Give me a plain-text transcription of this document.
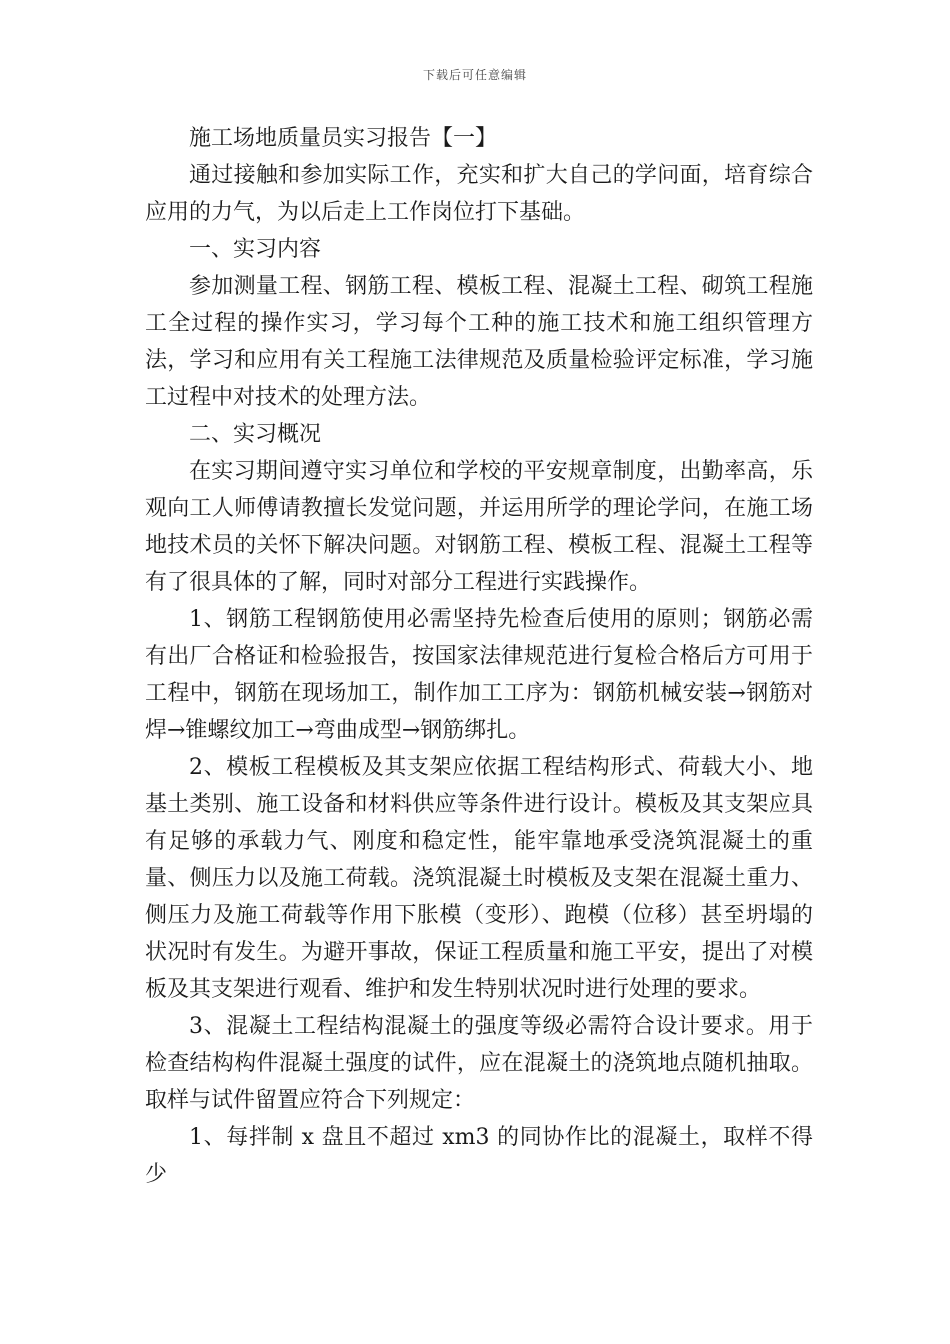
下载后可任意编辑

施工场地质量员实习报告【一】

通过接触和参加实际工作，充实和扩大自己的学问面，培育综合应用的力气，为以后走上工作岗位打下基础。

一、实习内容

参加测量工程、钢筋工程、模板工程、混凝土工程、砌筑工程施工全过程的操作实习，学习每个工种的施工技术和施工组织管理方法，学习和应用有关工程施工法律规范及质量检验评定标准，学习施工过程中对技术的处理方法。

二、实习概况

在实习期间遵守实习单位和学校的平安规章制度，出勤率高，乐观向工人师傅请教擅长发觉问题，并运用所学的理论学问，在施工场地技术员的关怀下解决问题。对钢筋工程、模板工程、混凝土工程等有了很具体的了解，同时对部分工程进行实践操作。

1、钢筋工程钢筋使用必需坚持先检查后使用的原则；钢筋必需有出厂合格证和检验报告，按国家法律规范进行复检合格后方可用于工程中，钢筋在现场加工，制作加工工序为：钢筋机械安装→钢筋对焊→锥螺纹加工→弯曲成型→钢筋绑扎。

2、模板工程模板及其支架应依据工程结构形式、荷载大小、地基土类别、施工设备和材料供应等条件进行设计。模板及其支架应具有足够的承载力气、刚度和稳定性，能牢靠地承受浇筑混凝土的重量、侧压力以及施工荷载。浇筑混凝土时模板及支架在混凝土重力、侧压力及施工荷载等作用下胀模（变形）、跑模（位移）甚至坍塌的状况时有发生。为避开事故，保证工程质量和施工平安，提出了对模板及其支架进行观看、维护和发生特别状况时进行处理的要求。

3、混凝土工程结构混凝土的强度等级必需符合设计要求。用于检查结构构件混凝土强度的试件，应在混凝土的浇筑地点随机抽取。取样与试件留置应符合下列规定：

1、每拌制 x 盘且不超过 xm3 的同协作比的混凝土，取样不得少
